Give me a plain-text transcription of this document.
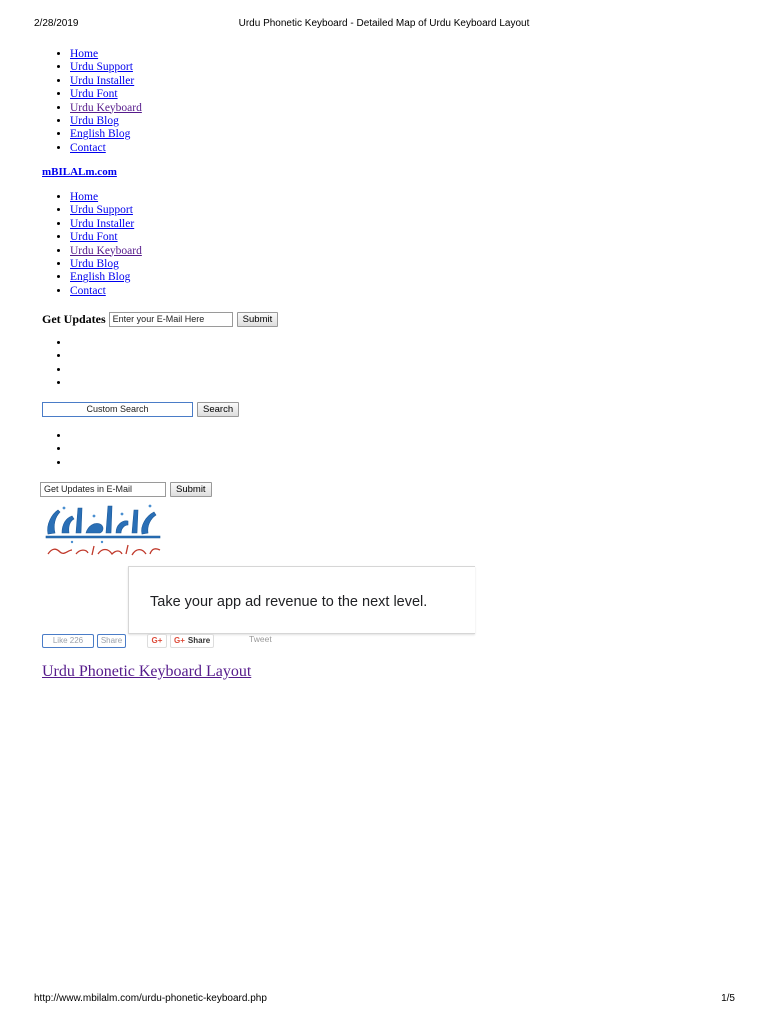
2/28/2019	Urdu Phonetic Keyboard - Detailed Map of Urdu Keyboard Layout
• Home
• Urdu Support
• Urdu Installer
• Urdu Font
• Urdu Keyboard
• Urdu Blog
• English Blog
• Contact
mBILALm.com
• Home
• Urdu Support
• Urdu Installer
• Urdu Font
• Urdu Keyboard
• Urdu Blog
• English Blog
• Contact
Get Updates Enter your E-Mail Here	Submit
Custom Search	Search
Get Updates in E-Mail	Submit
Take your app ad revenue to the next level.
Like 226	Share	G+	G+ Share	Tweet
Urdu Phonetic Keyboard Layout
http://www.mbilalm.com/urdu-phonetic-keyboard.php	1/5
